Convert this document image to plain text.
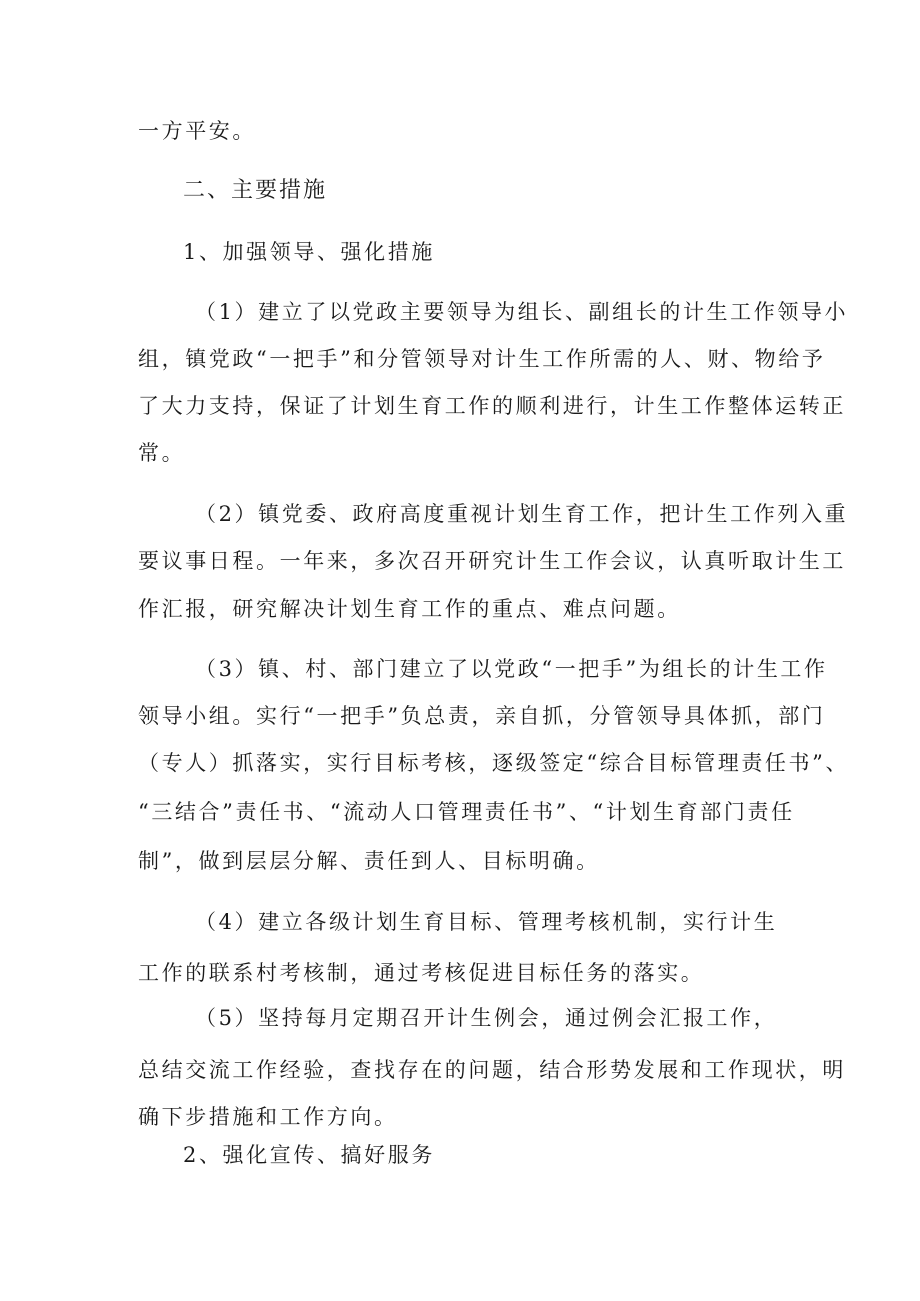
一方平安。

二、主要措施

1、加强领导、强化措施

（1）建立了以党政主要领导为组长、副组长的计生工作领导小

组，镇党政“一把手”和分管领导对计生工作所需的人、财、物给予

了大力支持，保证了计划生育工作的顺利进行，计生工作整体运转正

常。

（2）镇党委、政府高度重视计划生育工作，把计生工作列入重

要议事日程。一年来，多次召开研究计生工作会议，认真听取计生工

作汇报，研究解决计划生育工作的重点、难点问题。

（3）镇、村、部门建立了以党政“一把手”为组长的计生工作

领导小组。实行“一把手”负总责，亲自抓，分管领导具体抓，部门

（专人）抓落实，实行目标考核，逐级签定“综合目标管理责任书”、

“三结合”责任书、“流动人口管理责任书”、“计划生育部门责任

制”，做到层层分解、责任到人、目标明确。

（4）建立各级计划生育目标、管理考核机制，实行计生

工作的联系村考核制，通过考核促进目标任务的落实。

（5）坚持每月定期召开计生例会，通过例会汇报工作，

总结交流工作经验，查找存在的问题，结合形势发展和工作现状，明

确下步措施和工作方向。

2、强化宣传、搞好服务
